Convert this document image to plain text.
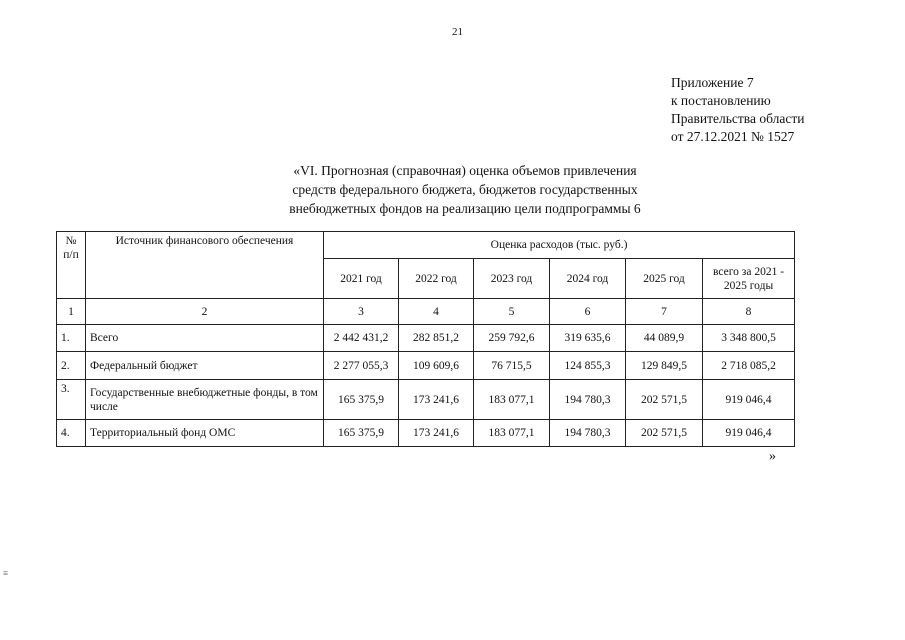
21
Приложение 7
к постановлению
Правительства области
от 27.12.2021 № 1527
«VI. Прогнозная (справочная) оценка объемов привлечения
средств федерального бюджета, бюджетов государственных
внебюджетных фондов на реализацию цели подпрограммы 6
№ п/п	Источник финансового обеспечения	Оценка расходов (тыс. руб.)					
		2021 год	2022 год	2023 год	2024 год	2025 год	всего за 2021 - 2025 годы
1	2	3	4	5	6	7	8
1.	Всего	2 442 431,2	282 851,2	259 792,6	319 635,6	44 089,9	3 348 800,5
2.	Федеральный бюджет	2 277 055,3	109 609,6	76 715,5	124 855,3	129 849,5	2 718 085,2
3.	Государственные внебюджетные фонды, в том числе	165 375,9	173 241,6	183 077,1	194 780,3	202 571,5	919 046,4
4.	Территориальный фонд ОМС	165 375,9	173 241,6	183 077,1	194 780,3	202 571,5	919 046,4
»
≡
